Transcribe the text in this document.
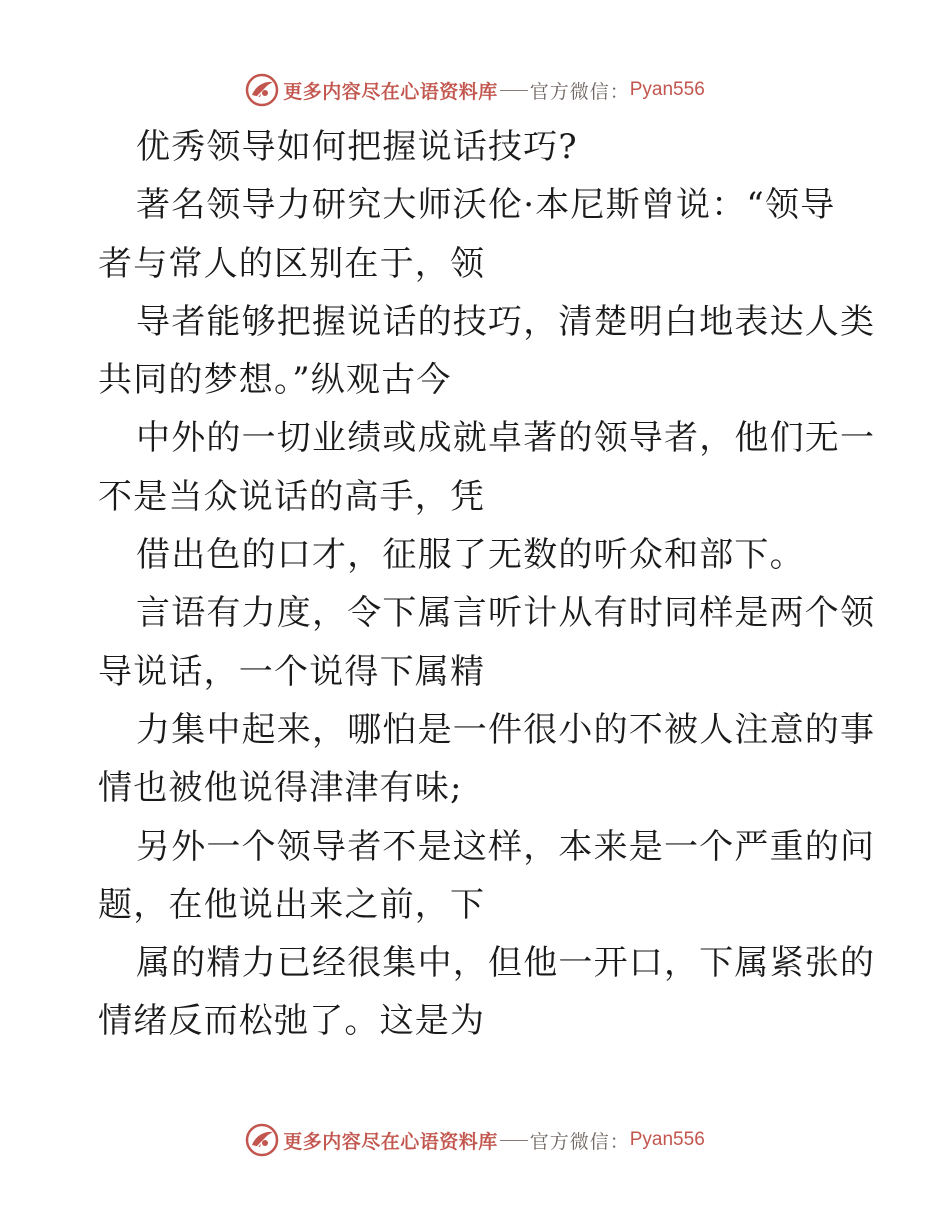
更多内容尽在心语资料库 官方微信： Pyan556
优秀领导如何把握说话技巧?
著名领导力研究大师沃伦·本尼斯曾说：“领导
者与常人的区别在于，领
导者能够把握说话的技巧，清楚明白地表达人类
共同的梦想。”纵观古今
中外的一切业绩或成就卓著的领导者，他们无一
不是当众说话的高手，凭
借出色的口才，征服了无数的听众和部下。
言语有力度，令下属言听计从有时同样是两个领
导说话，一个说得下属精
力集中起来，哪怕是一件很小的不被人注意的事
情也被他说得津津有味;
另外一个领导者不是这样，本来是一个严重的问
题，在他说出来之前，下
属的精力已经很集中，但他一开口，下属紧张的
情绪反而松弛了。这是为
更多内容尽在心语资料库 官方微信： Pyan556
